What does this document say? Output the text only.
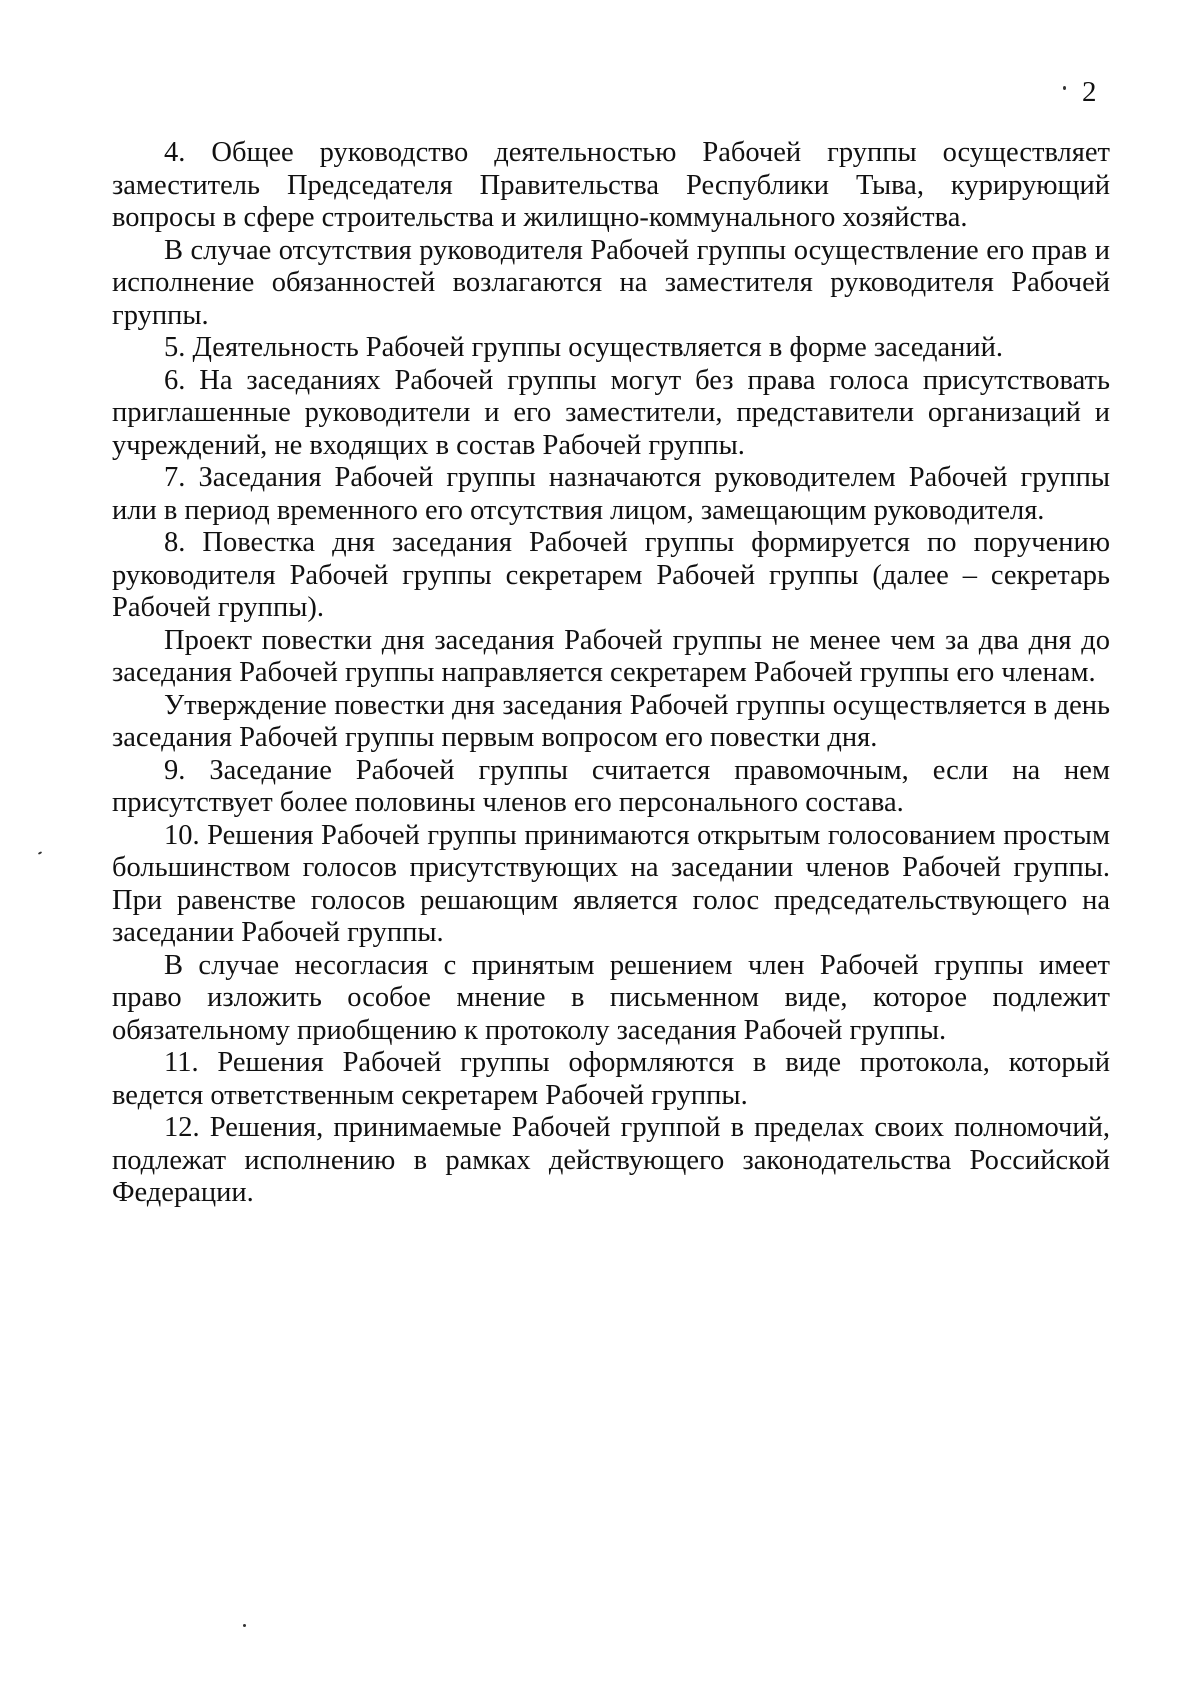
2

4. Общее руководство деятельностью Рабочей группы осуществляет заместитель Председателя Правительства Республики Тыва, курирующий вопросы в сфере строительства и жилищно-коммунального хозяйства.

В случае отсутствия руководителя Рабочей группы осуществление его прав и исполнение обязанностей возлагаются на заместителя руководителя Рабочей группы.

5. Деятельность Рабочей группы осуществляется в форме заседаний.

6. На заседаниях Рабочей группы могут без права голоса присутствовать приглашенные руководители и его заместители, представители организаций и учреждений, не входящих в состав Рабочей группы.

7. Заседания Рабочей группы назначаются руководителем Рабочей группы или в период временного его отсутствия лицом, замещающим руководителя.

8. Повестка дня заседания Рабочей группы формируется по поручению руководителя Рабочей группы секретарем Рабочей группы (далее – секретарь Рабочей группы).

Проект повестки дня заседания Рабочей группы не менее чем за два дня до заседания Рабочей группы направляется секретарем Рабочей группы его членам.

Утверждение повестки дня заседания Рабочей группы осуществляется в день заседания Рабочей группы первым вопросом его повестки дня.

9. Заседание Рабочей группы считается правомочным, если на нем присутствует более половины членов его персонального состава.

10. Решения Рабочей группы принимаются открытым голосованием простым большинством голосов присутствующих на заседании членов Рабочей группы. При равенстве голосов решающим является голос председательствующего на заседании Рабочей группы.

В случае несогласия с принятым решением член Рабочей группы имеет право изложить особое мнение в письменном виде, которое подлежит обязательному приобщению к протоколу заседания Рабочей группы.

11. Решения Рабочей группы оформляются в виде протокола, который ведется ответственным секретарем Рабочей группы.

12. Решения, принимаемые Рабочей группой в пределах своих полномочий, подлежат исполнению в рамках действующего законодательства Российской Федерации.
